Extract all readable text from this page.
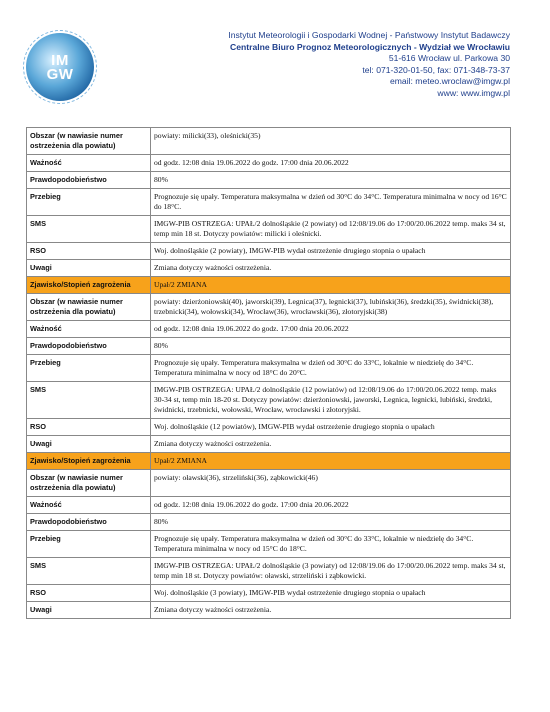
IM
GW
Instytut Meteorologii i Gospodarki Wodnej - Państwowy Instytut Badawczy
Centralne Biuro Prognoz Meteorologicznych - Wydział we Wrocławiu
51-616 Wrocław ul. Parkowa 30
tel: 071-320-01-50, fax: 071-348-73-37
email: meteo.wroclaw@imgw.pl
www: www.imgw.pl
Obszar (w nawiasie numer ostrzeżenia dla powiatu)	powiaty: milicki(33), oleśnicki(35)
Ważność	od godz. 12:08 dnia 19.06.2022 do godz. 17:00 dnia 20.06.2022
Prawdopodobieństwo	80%
Przebieg	Prognozuje się upały. Temperatura maksymalna w dzień od 30°C do 34°C. Temperatura minimalna w nocy od 16°C do 18°C.
SMS	IMGW-PIB OSTRZEGA: UPAŁ/2 dolnośląskie (2 powiaty) od 12:08/19.06 do 17:00/20.06.2022 temp. maks 34 st, temp min 18 st. Dotyczy powiatów: milicki i oleśnicki.
RSO	Woj. dolnośląskie (2 powiaty), IMGW-PIB wydał ostrzeżenie drugiego stopnia o upałach
Uwagi	Zmiana dotyczy ważności ostrzeżenia.
Zjawisko/Stopień zagrożenia	Upał/2 ZMIANA
Obszar (w nawiasie numer ostrzeżenia dla powiatu)	powiaty: dzierżoniowski(40), jaworski(39), Legnica(37), legnicki(37), lubiński(36), średzki(35), świdnicki(38), trzebnicki(34), wołowski(34), Wrocław(36), wrocławski(36), złotoryjski(38)
Ważność	od godz. 12:08 dnia 19.06.2022 do godz. 17:00 dnia 20.06.2022
Prawdopodobieństwo	80%
Przebieg	Prognozuje się upały. Temperatura maksymalna w dzień od 30°C do 33°C, lokalnie w niedzielę do 34°C. Temperatura minimalna w nocy od 18°C do 20°C.
SMS	IMGW-PIB OSTRZEGA: UPAŁ/2 dolnośląskie (12 powiatów) od 12:08/19.06 do 17:00/20.06.2022 temp. maks 30-34 st, temp min 18-20 st. Dotyczy powiatów: dzierżoniowski, jaworski, Legnica, legnicki, lubiński, średzki, świdnicki, trzebnicki, wołowski, Wrocław, wrocławski i złotoryjski.
RSO	Woj. dolnośląskie (12 powiatów), IMGW-PIB wydał ostrzeżenie drugiego stopnia o upałach
Uwagi	Zmiana dotyczy ważności ostrzeżenia.
Zjawisko/Stopień zagrożenia	Upał/2 ZMIANA
Obszar (w nawiasie numer ostrzeżenia dla powiatu)	powiaty: oławski(36), strzeliński(36), ząbkowicki(46)
Ważność	od godz. 12:08 dnia 19.06.2022 do godz. 17:00 dnia 20.06.2022
Prawdopodobieństwo	80%
Przebieg	Prognozuje się upały. Temperatura maksymalna w dzień od 30°C do 33°C, lokalnie w niedzielę do 34°C. Temperatura minimalna w nocy od 15°C do 18°C.
SMS	IMGW-PIB OSTRZEGA: UPAŁ/2 dolnośląskie (3 powiaty) od 12:08/19.06 do 17:00/20.06.2022 temp. maks 34 st, temp min 18 st. Dotyczy powiatów: oławski, strzeliński i ząbkowicki.
RSO	Woj. dolnośląskie (3 powiaty), IMGW-PIB wydał ostrzeżenie drugiego stopnia o upałach
Uwagi	Zmiana dotyczy ważności ostrzeżenia.
